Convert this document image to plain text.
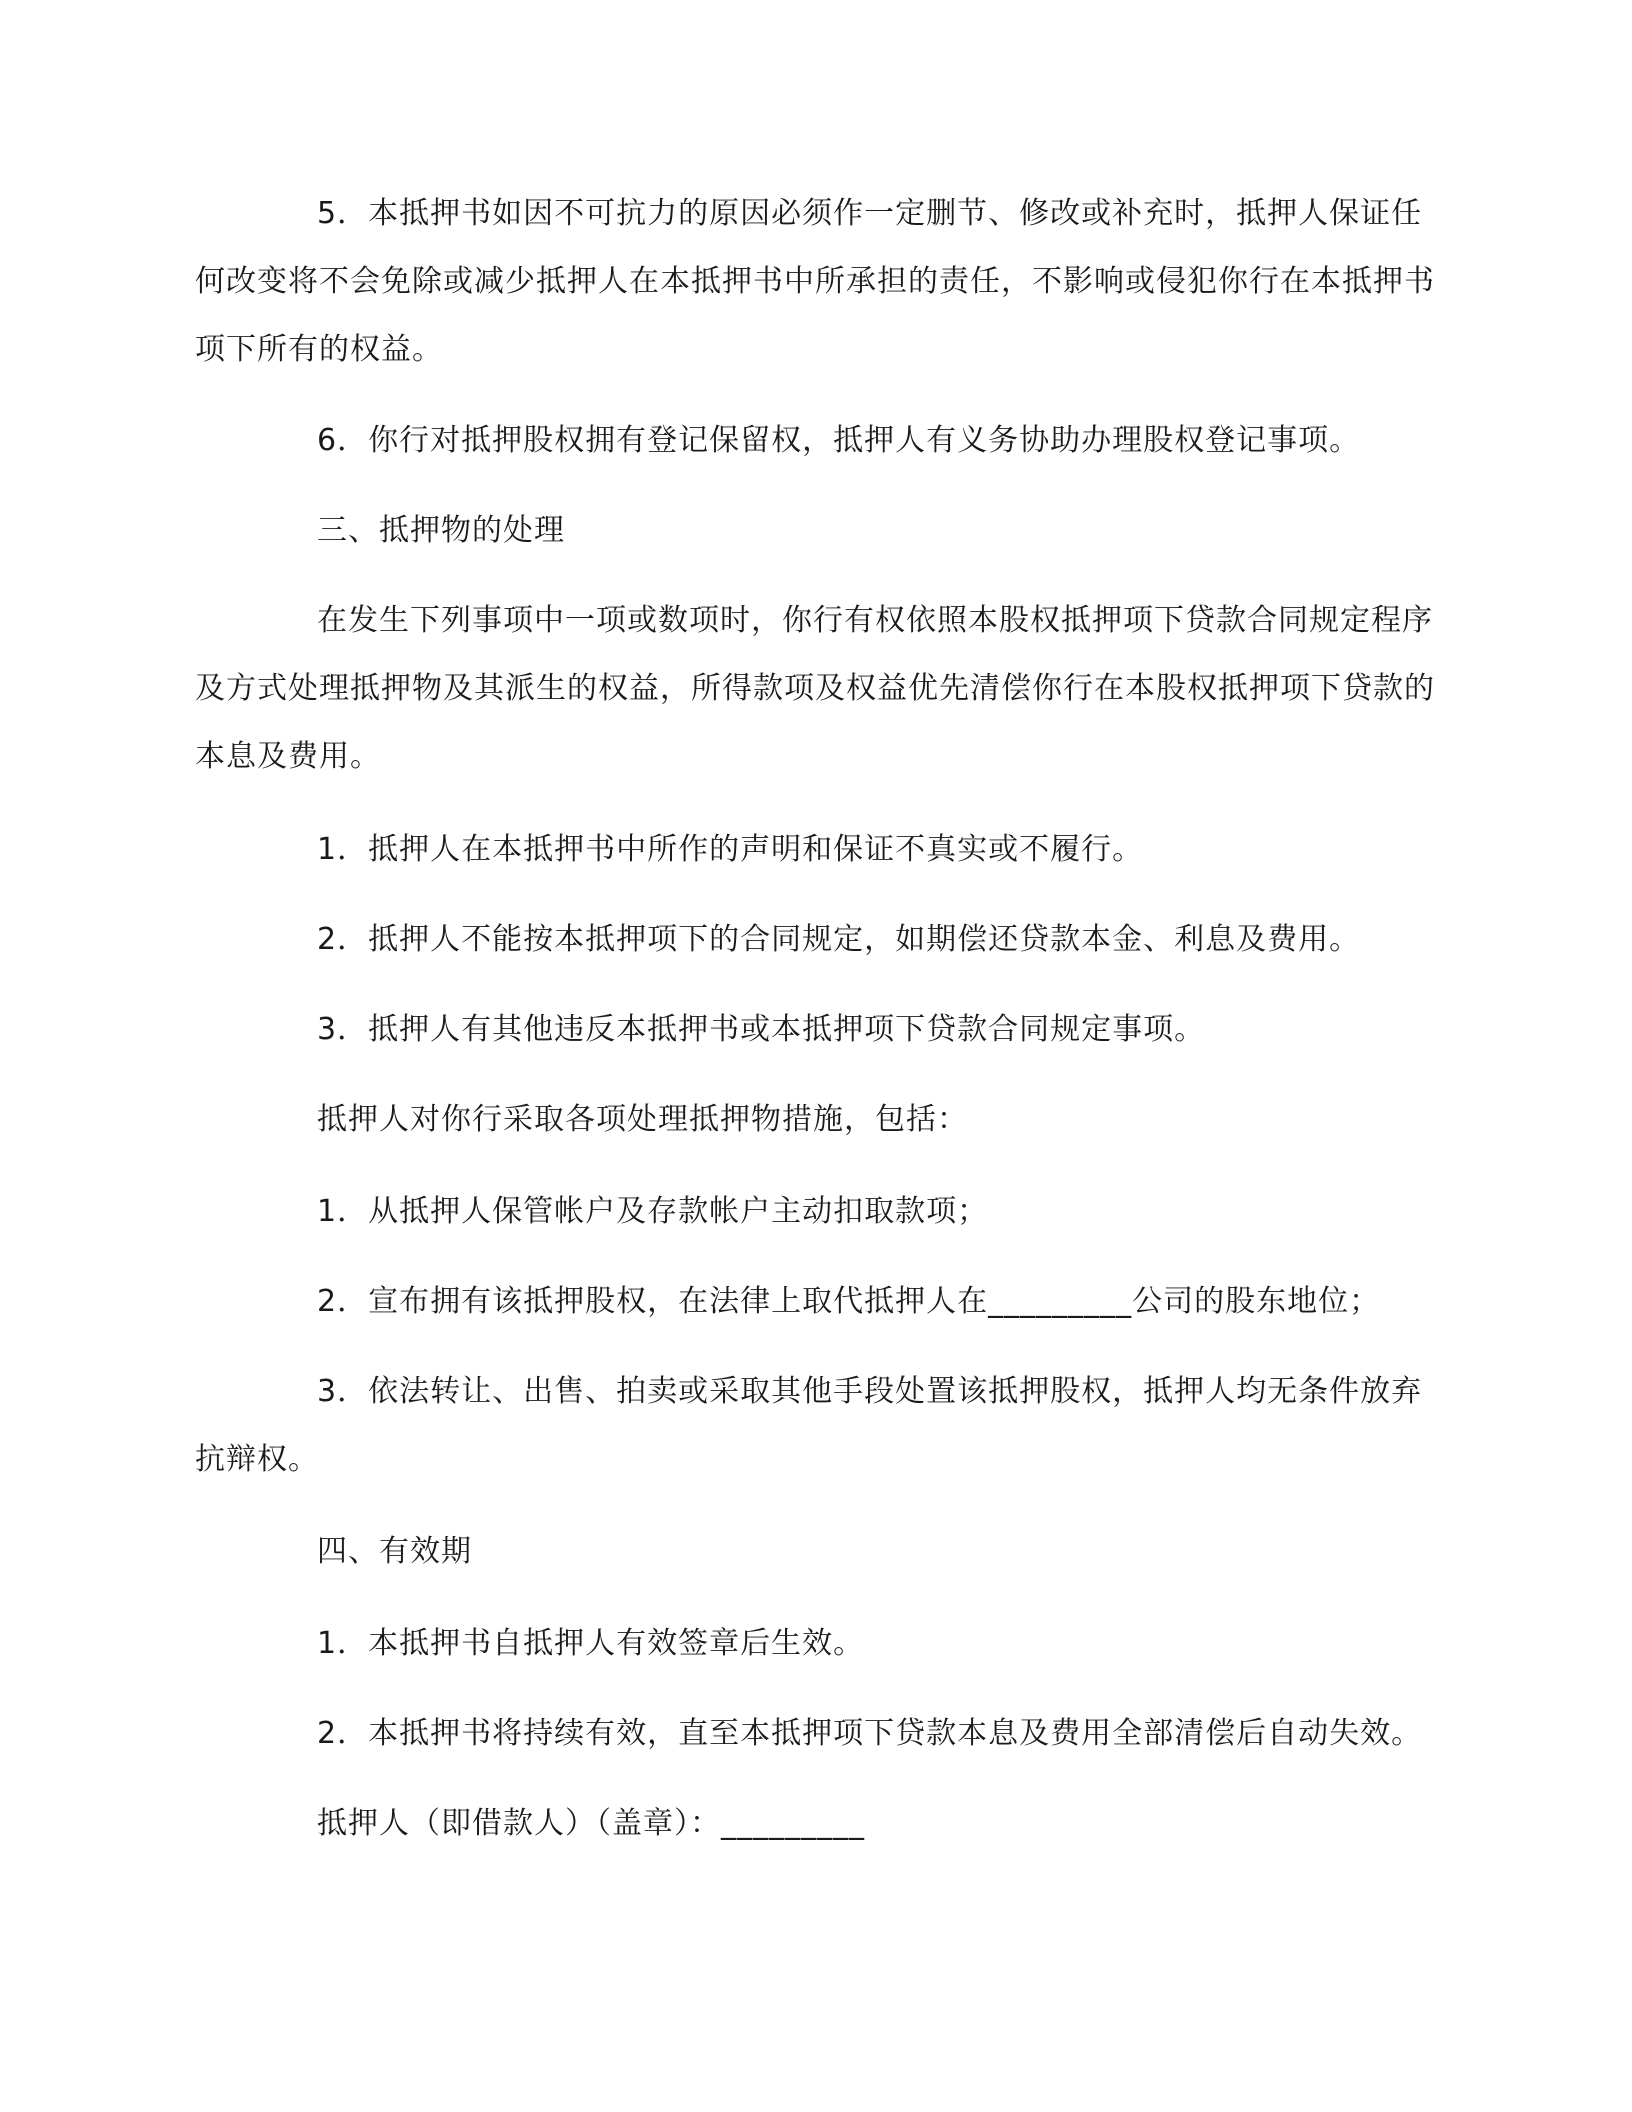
5．本抵押书如因不可抗力的原因必须作一定删节、修改或补充时，抵押人保证任何改变将不会免除或减少抵押人在本抵押书中所承担的责任，不影响或侵犯你行在本抵押书项下所有的权益。

6．你行对抵押股权拥有登记保留权，抵押人有义务协助办理股权登记事项。

三、抵押物的处理

在发生下列事项中一项或数项时，你行有权依照本股权抵押项下贷款合同规定程序及方式处理抵押物及其派生的权益，所得款项及权益优先清偿你行在本股权抵押项下贷款的本息及费用。

1．抵押人在本抵押书中所作的声明和保证不真实或不履行。

2．抵押人不能按本抵押项下的合同规定，如期偿还贷款本金、利息及费用。

3．抵押人有其他违反本抵押书或本抵押项下贷款合同规定事项。

抵押人对你行采取各项处理抵押物措施，包括：

1．从抵押人保管帐户及存款帐户主动扣取款项；

2．宣布拥有该抵押股权，在法律上取代抵押人在_________公司的股东地位；

3．依法转让、出售、拍卖或采取其他手段处置该抵押股权，抵押人均无条件放弃抗辩权。

四、有效期

1．本抵押书自抵押人有效签章后生效。

2．本抵押书将持续有效，直至本抵押项下贷款本息及费用全部清偿后自动失效。

抵押人（即借款人）（盖章）：_________
